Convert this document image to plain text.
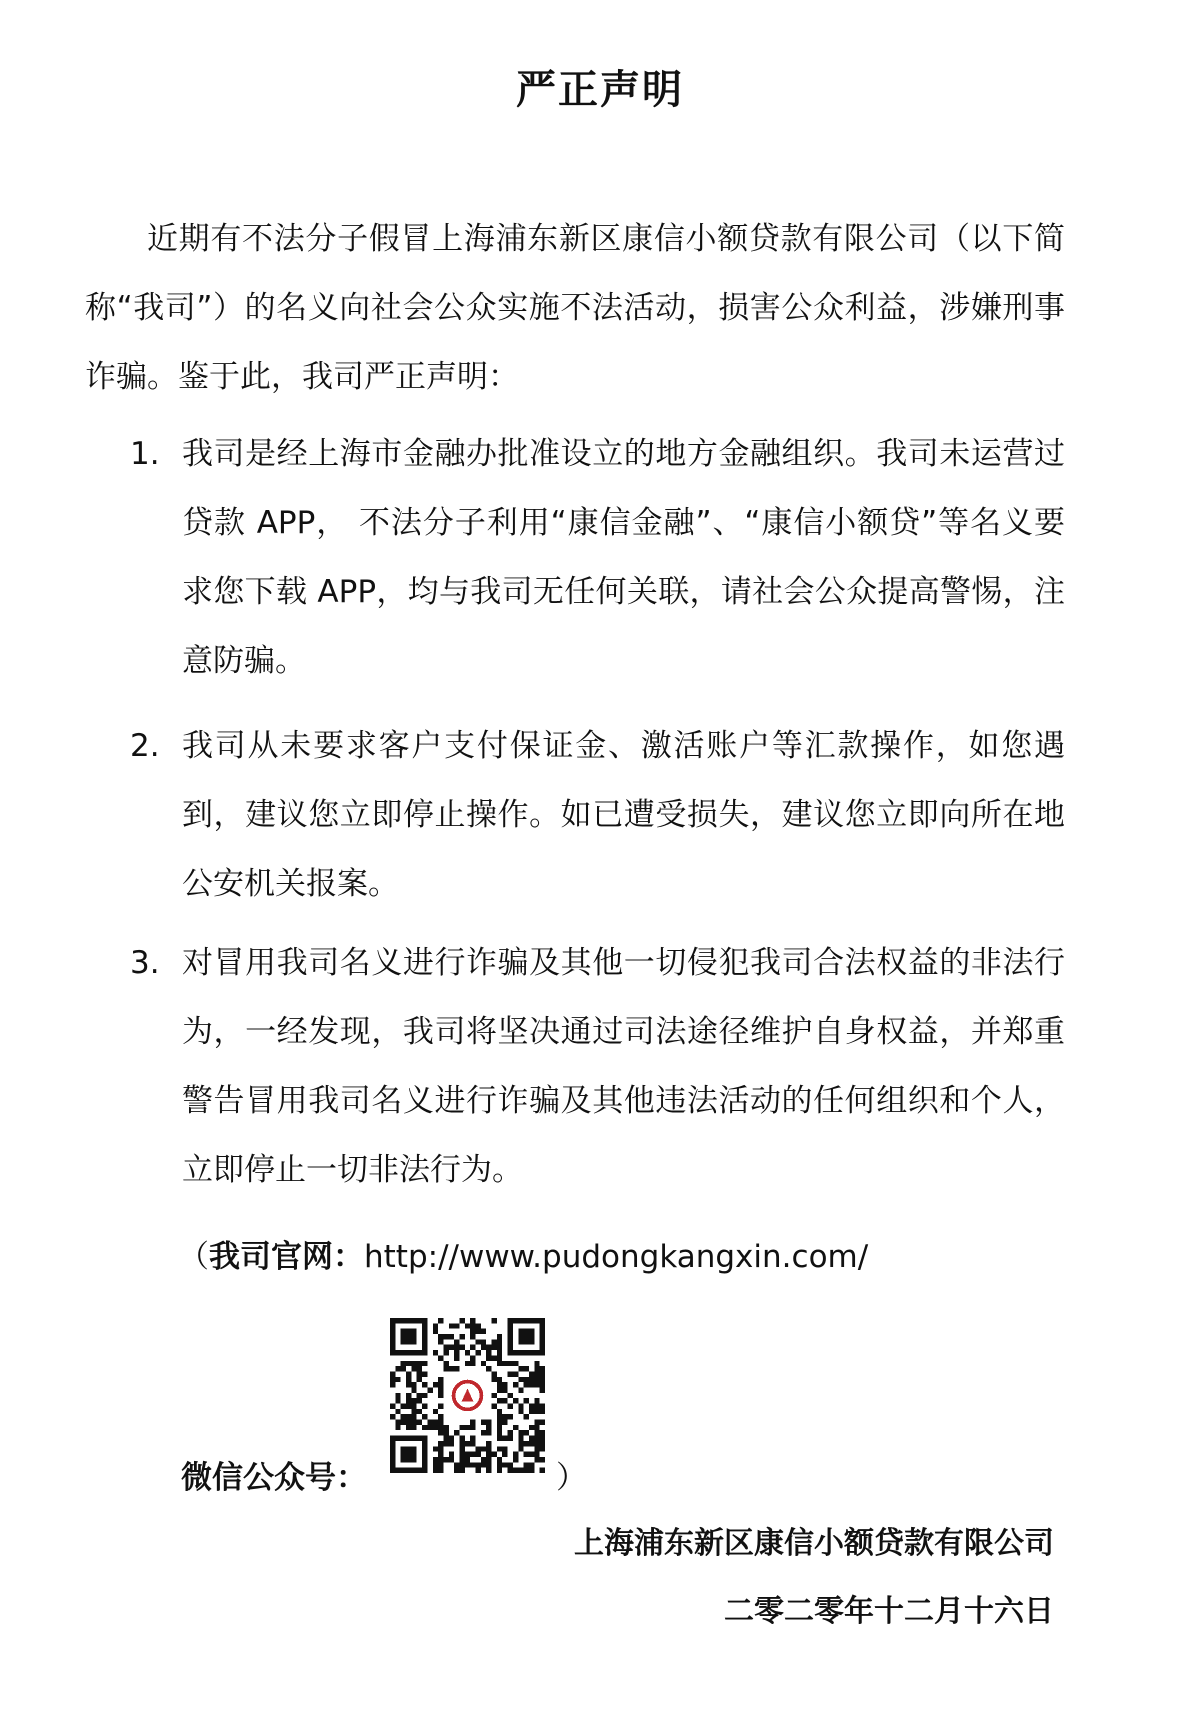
严正声明
近期有不法分子假冒上海浦东新区康信小额贷款有限公司（以下简称“我司”）的名义向社会公众实施不法活动，损害公众利益，涉嫌刑事诈骗。鉴于此，我司严正声明：
1. 我司是经上海市金融办批准设立的地方金融组织。我司未运营过贷款 APP， 不法分子利用“康信金融”、“康信小额贷”等名义要求您下载 APP，均与我司无任何关联，请社会公众提高警惕，注意防骗。
2. 我司从未要求客户支付保证金、激活账户等汇款操作，如您遇到，建议您立即停止操作。如已遭受损失，建议您立即向所在地公安机关报案。
3. 对冒用我司名义进行诈骗及其他一切侵犯我司合法权益的非法行为，一经发现，我司将坚决通过司法途径维护自身权益，并郑重警告冒用我司名义进行诈骗及其他违法活动的任何组织和个人，立即停止一切非法行为。
（我司官网：http://www.pudongkangxin.com/
微信公众号：	）
上海浦东新区康信小额贷款有限公司
二零二零年十二月十六日
